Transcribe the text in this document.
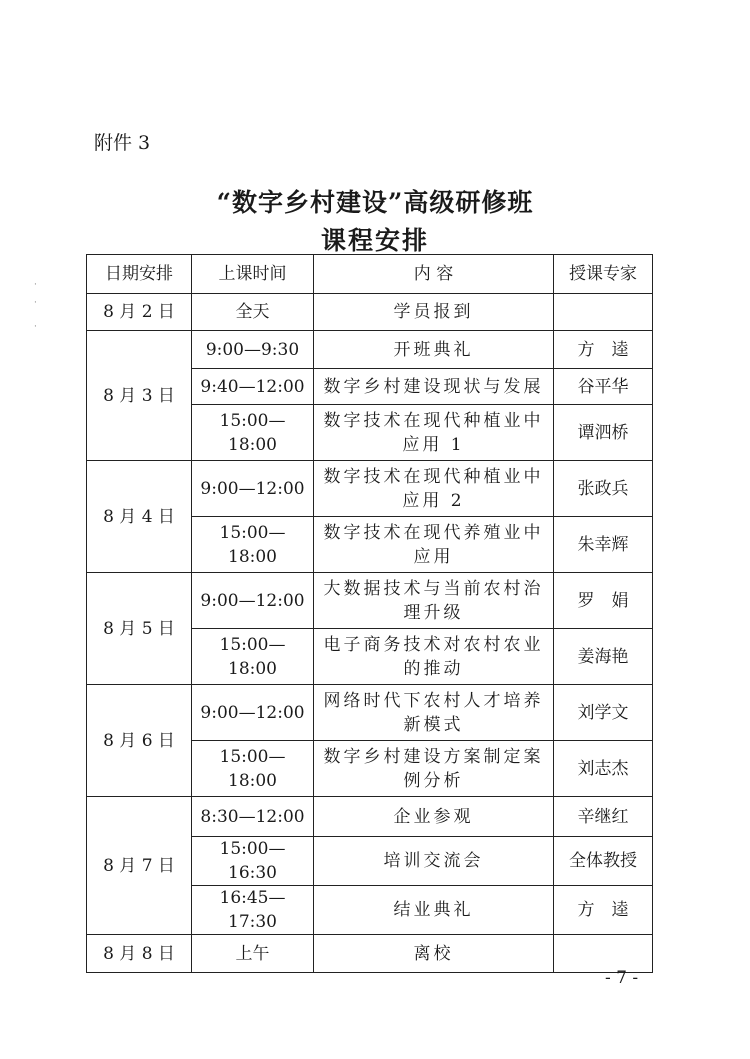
附件 3
“数字乡村建设”高级研修班
课程安排
·
·
·
日期安排	上课时间	内 容	授课专家
8 月 2 日	全天	学员报到	
8 月 3 日	9:00—9:30	开班典礼	方　逵
	9:40—12:00	数字乡村建设现状与发展	谷平华
	15:00—18:00	数字技术在现代种植业中应用 1	谭泗桥
8 月 4 日	9:00—12:00	数字技术在现代种植业中应用 2	张政兵
	15:00—18:00	数字技术在现代养殖业中应用	朱幸辉
8 月 5 日	9:00—12:00	大数据技术与当前农村治理升级	罗　娟
	15:00—18:00	电子商务技术对农村农业的推动	姜海艳
8 月 6 日	9:00—12:00	网络时代下农村人才培养新模式	刘学文
	15:00—18:00	数字乡村建设方案制定案例分析	刘志杰
8 月 7 日	8:30—12:00	企业参观	辛继红
	15:00—16:30	培训交流会	全体教授
	16:45—17:30	结业典礼	方　逵
8 月 8 日	上午	离校	
- 7 -
